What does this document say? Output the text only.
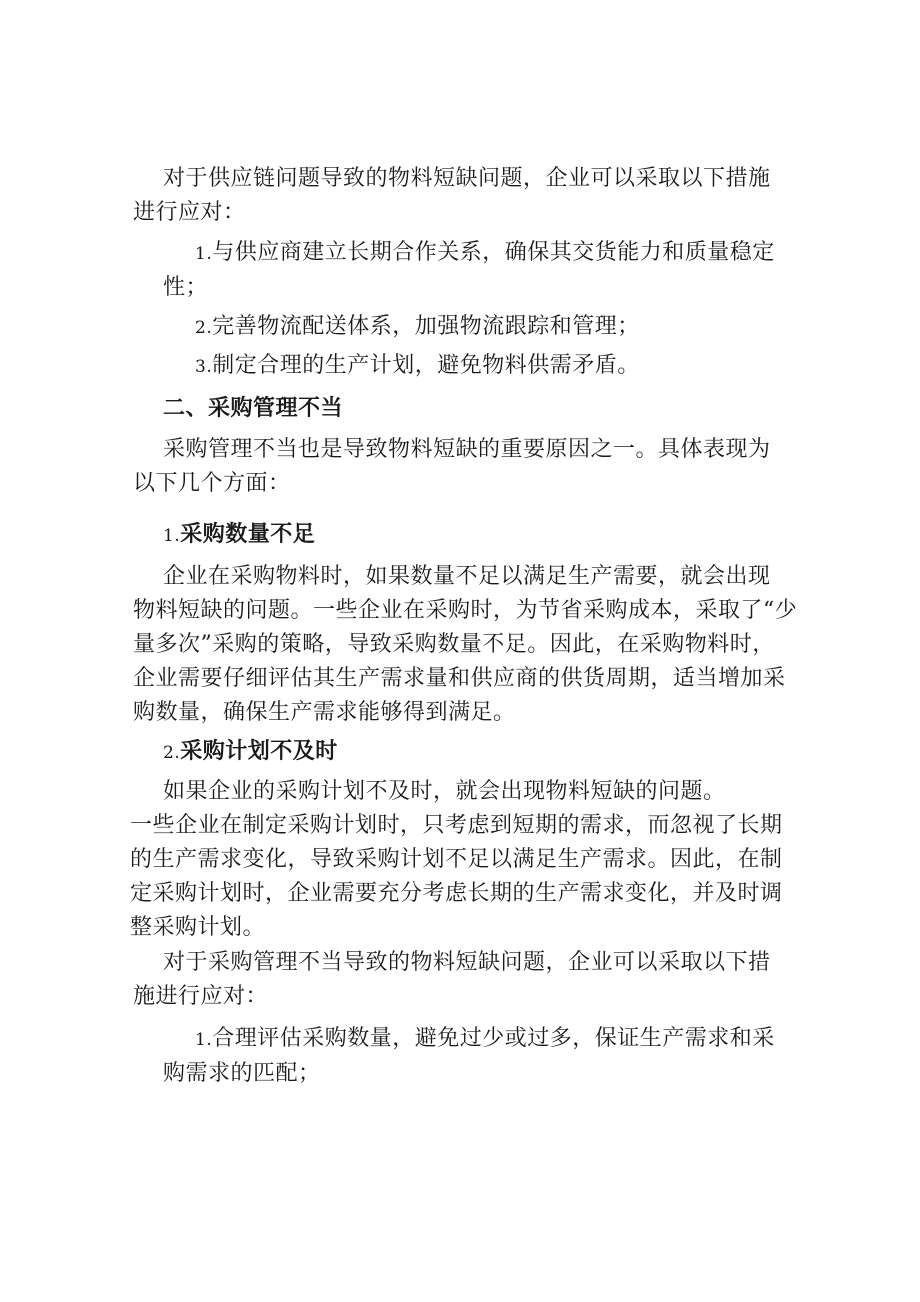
对于供应链问题导致的物料短缺问题，企业可以采取以下措施
进行应对：
1.与供应商建立长期合作关系，确保其交货能力和质量稳定
性；
2.完善物流配送体系，加强物流跟踪和管理；
3.制定合理的生产计划，避免物料供需矛盾。
二、采购管理不当
采购管理不当也是导致物料短缺的重要原因之一。具体表现为
以下几个方面：
1.采购数量不足
企业在采购物料时，如果数量不足以满足生产需要，就会出现
物料短缺的问题。一些企业在采购时，为节省采购成本，采取了“少
量多次”采购的策略，导致采购数量不足。因此，在采购物料时，
企业需要仔细评估其生产需求量和供应商的供货周期，适当增加采
购数量，确保生产需求能够得到满足。
2.采购计划不及时
如果企业的采购计划不及时，就会出现物料短缺的问题。
一些企业在制定采购计划时，只考虑到短期的需求，而忽视了长期
的生产需求变化，导致采购计划不足以满足生产需求。因此，在制
定采购计划时，企业需要充分考虑长期的生产需求变化，并及时调
整采购计划。
对于采购管理不当导致的物料短缺问题，企业可以采取以下措
施进行应对：
1.合理评估采购数量，避免过少或过多，保证生产需求和采
购需求的匹配；
